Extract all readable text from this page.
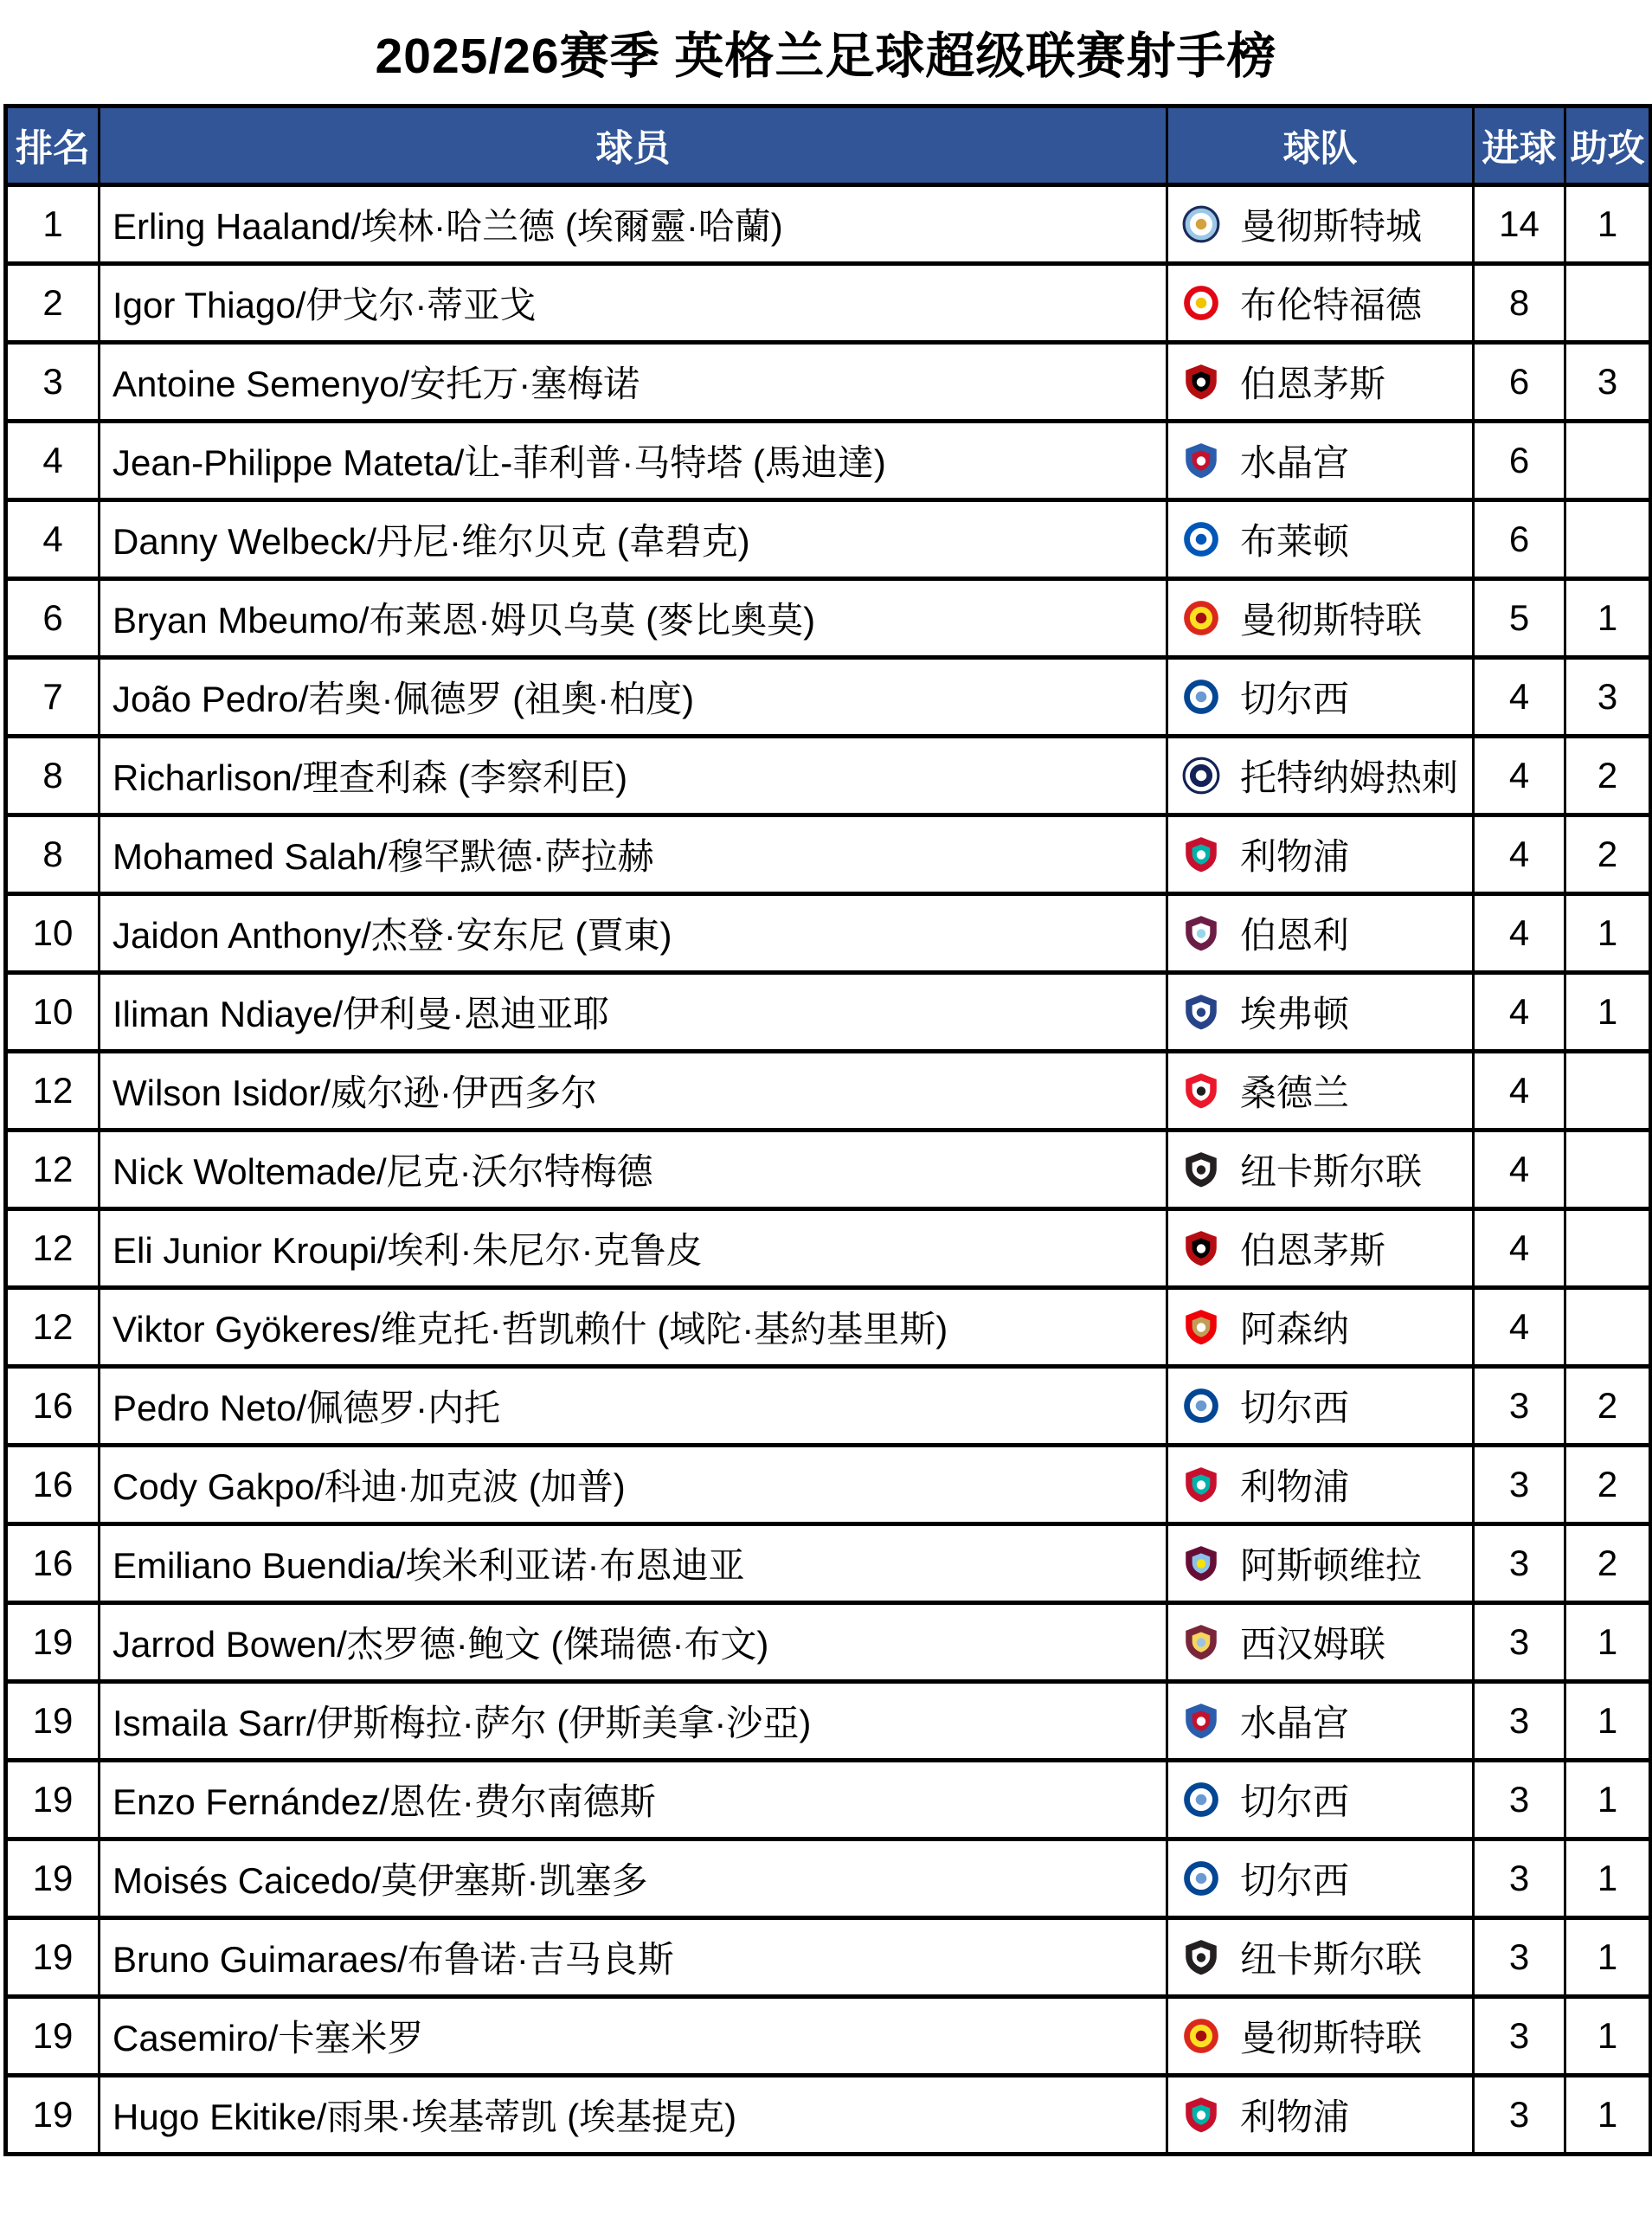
2025/26赛季 英格兰足球超级联赛射手榜
排名	球员	球队	进球	助攻
1	Erling Haaland/埃林·哈兰德 (埃爾靈·哈蘭)	曼彻斯特城	14	1
2	Igor Thiago/伊戈尔·蒂亚戈	布伦特福德	8	
3	Antoine Semenyo/安托万·塞梅诺	伯恩茅斯	6	3
4	Jean-Philippe Mateta/让-菲利普·马特塔 (馬迪達)	水晶宫	6	
4	Danny Welbeck/丹尼·维尔贝克 (韋碧克)	布莱顿	6	
6	Bryan Mbeumo/布莱恩·姆贝乌莫 (麥比奧莫)	曼彻斯特联	5	1
7	João Pedro/若奥·佩德罗 (祖奧·柏度)	切尔西	4	3
8	Richarlison/理查利森 (李察利臣)	托特纳姆热刺	4	2
8	Mohamed Salah/穆罕默德·萨拉赫	利物浦	4	2
10	Jaidon Anthony/杰登·安东尼 (賈東)	伯恩利	4	1
10	Iliman Ndiaye/伊利曼·恩迪亚耶	埃弗顿	4	1
12	Wilson Isidor/威尔逊·伊西多尔	桑德兰	4	
12	Nick Woltemade/尼克·沃尔特梅德	纽卡斯尔联	4	
12	Eli Junior Kroupi/埃利·朱尼尔·克鲁皮	伯恩茅斯	4	
12	Viktor Gyökeres/维克托·哲凯赖什 (域陀·基約基里斯)	阿森纳	4	
16	Pedro Neto/佩德罗·内托	切尔西	3	2
16	Cody Gakpo/科迪·加克波 (加普)	利物浦	3	2
16	Emiliano Buendia/埃米利亚诺·布恩迪亚	阿斯顿维拉	3	2
19	Jarrod Bowen/杰罗德·鲍文 (傑瑞德·布文)	西汉姆联	3	1
19	Ismaila Sarr/伊斯梅拉·萨尔 (伊斯美拿·沙亞)	水晶宫	3	1
19	Enzo Fernández/恩佐·费尔南德斯	切尔西	3	1
19	Moisés Caicedo/莫伊塞斯·凯塞多	切尔西	3	1
19	Bruno Guimaraes/布鲁诺·吉马良斯	纽卡斯尔联	3	1
19	Casemiro/卡塞米罗	曼彻斯特联	3	1
19	Hugo Ekitike/雨果·埃基蒂凯 (埃基提克)	利物浦	3	1
